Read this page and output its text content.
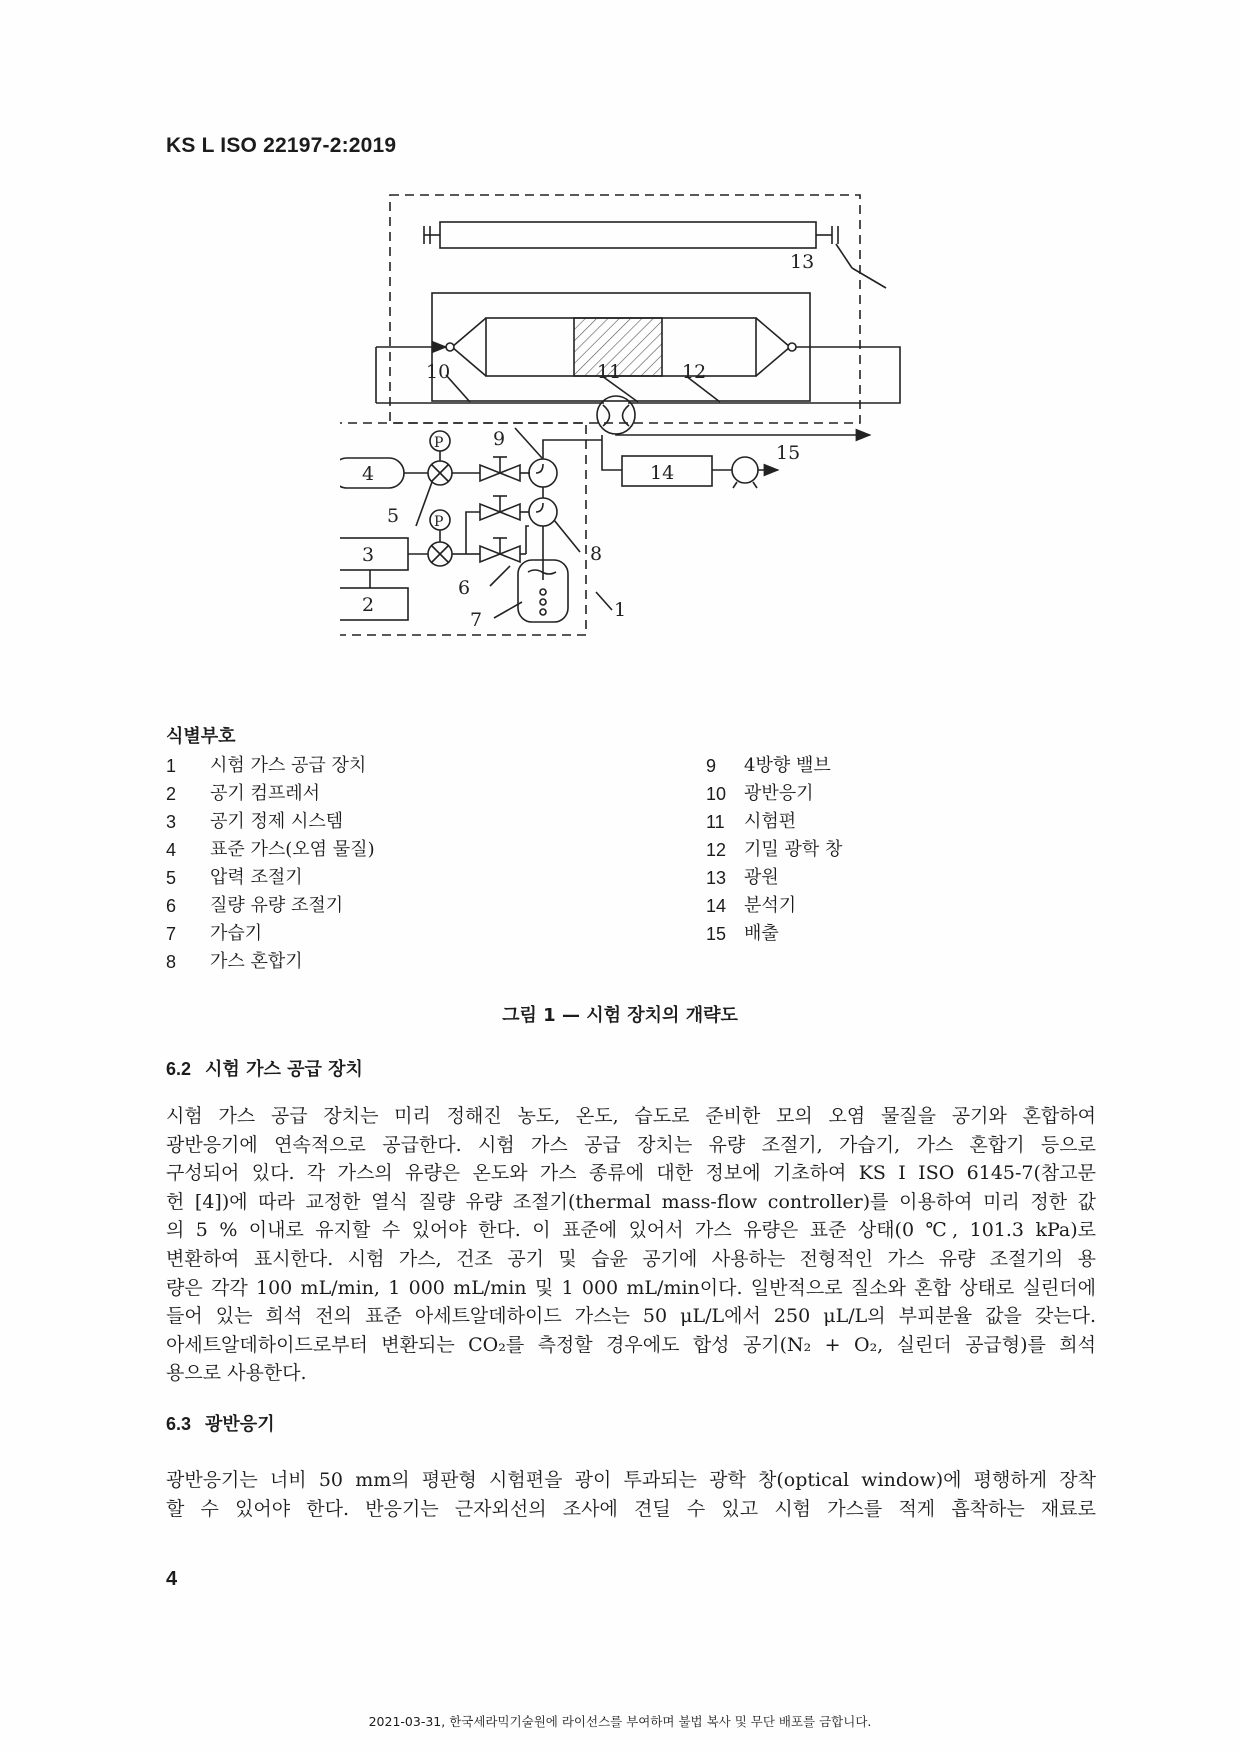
KS L ISO 22197-2:2019
13
10	11	12
9
15
4	14
5
3	8
6
2
7	1
P
P
식별부호
1	시험 가스 공급 장치
2	공기 컴프레서
3	공기 정제 시스템
4	표준 가스(오염 물질)
5	압력 조절기
6	질량 유량 조절기
7	가습기
8	가스 혼합기
9	4방향 밸브
10 광반응기
11	시험편
12 기밀 광학 창
13 광원
14 분석기
15 배출
그림 1 — 시험 장치의 개략도
6.2 시험 가스 공급 장치
시험 가스 공급 장치는 미리 정해진 농도, 온도, 습도로 준비한 모의 오염 물질을 공기와 혼합하여
광반응기에 연속적으로 공급한다. 시험 가스 공급 장치는 유량 조절기, 가습기, 가스 혼합기 등으로
구성되어 있다. 각 가스의 유량은 온도와 가스 종류에 대한 정보에 기초하여 KS I ISO 6145-7(참고문
헌 [4])에 따라 교정한 열식 질량 유량 조절기(thermal mass-flow controller)를 이용하여 미리 정한 값
의 5 % 이내로 유지할 수 있어야 한다. 이 표준에 있어서 가스 유량은 표준 상태(0 ℃, 101.3 kPa)로
변환하여 표시한다. 시험 가스, 건조 공기 및 습윤 공기에 사용하는 전형적인 가스 유량 조절기의 용
량은 각각 100 mL/min, 1 000 mL/min 및 1 000 mL/min이다. 일반적으로 질소와 혼합 상태로 실린더에
들어 있는 희석 전의 표준 아세트알데하이드 가스는 50 μL/L에서 250 μL/L의 부피분율 값을 갖는다.
아세트알데하이드로부터 변환되는 CO₂를 측정할 경우에도 합성 공기(N₂ + O₂, 실린더 공급형)를 희석
용으로 사용한다.
6.3 광반응기
광반응기는 너비 50 mm의 평판형 시험편을 광이 투과되는 광학 창(optical window)에 평행하게 장착
할 수 있어야 한다. 반응기는 근자외선의 조사에 견딜 수 있고 시험 가스를 적게 흡착하는 재료로
4
2021-03-31, 한국세라믹기술원에 라이선스를 부여하며 불법 복사 및 무단 배포를 금합니다.
